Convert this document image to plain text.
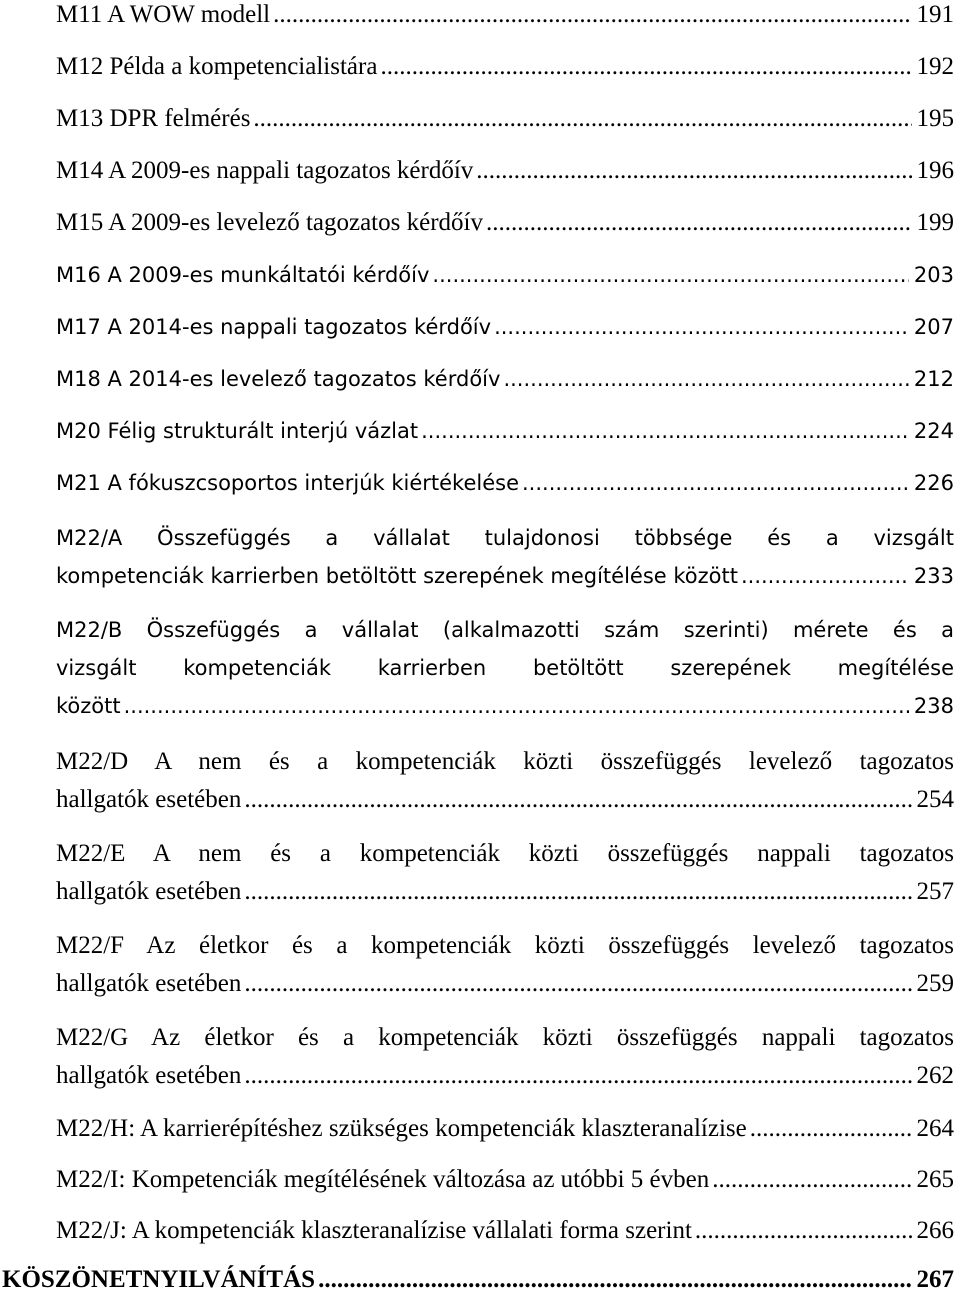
M11 A WOW modell .....	191
M12 Példa a kompetencialistára .....	192
M13 DPR felmérés .....	195
M14 A 2009-es nappali tagozatos kérdőív .....	196
M15 A 2009-es levelező tagozatos kérdőív .....	199
M16 A 2009-es munkáltatói kérdőív .....	203
M17 A 2014-es nappali tagozatos kérdőív .....	207
M18 A 2014-es levelező tagozatos kérdőív .....	212
M20 Félig strukturált interjú vázlat .....	224
M21 A fókuszcsoportos interjúk kiértékelése .....	226
M22/A Összefüggés a vállalat tulajdonosi többsége és a vizsgált
kompetenciák karrierben betöltött szerepének megítélése között .....	233
M22/B Összefüggés a vállalat (alkalmazotti szám szerinti) mérete és a
vizsgált kompetenciák karrierben betöltött szerepének megítélése
között .....	238
M22/D A nem és a kompetenciák közti összefüggés levelező tagozatos
hallgatók esetében .....	254
M22/E A nem és a kompetenciák közti összefüggés nappali tagozatos
hallgatók esetében .....	257
M22/F Az életkor és a kompetenciák közti összefüggés levelező tagozatos
hallgatók esetében .....	259
M22/G Az életkor és a kompetenciák közti összefüggés nappali tagozatos
hallgatók esetében .....	262
M22/H: A karrierépítéshez szükséges kompetenciák klaszteranalízise .....	264
M22/I: Kompetenciák megítélésének változása az utóbbi 5 évben .....	265
M22/J: A kompetenciák klaszteranalízise vállalati forma szerint .....	266
KÖSZÖNETNYILVÁNÍTÁS .....	267
